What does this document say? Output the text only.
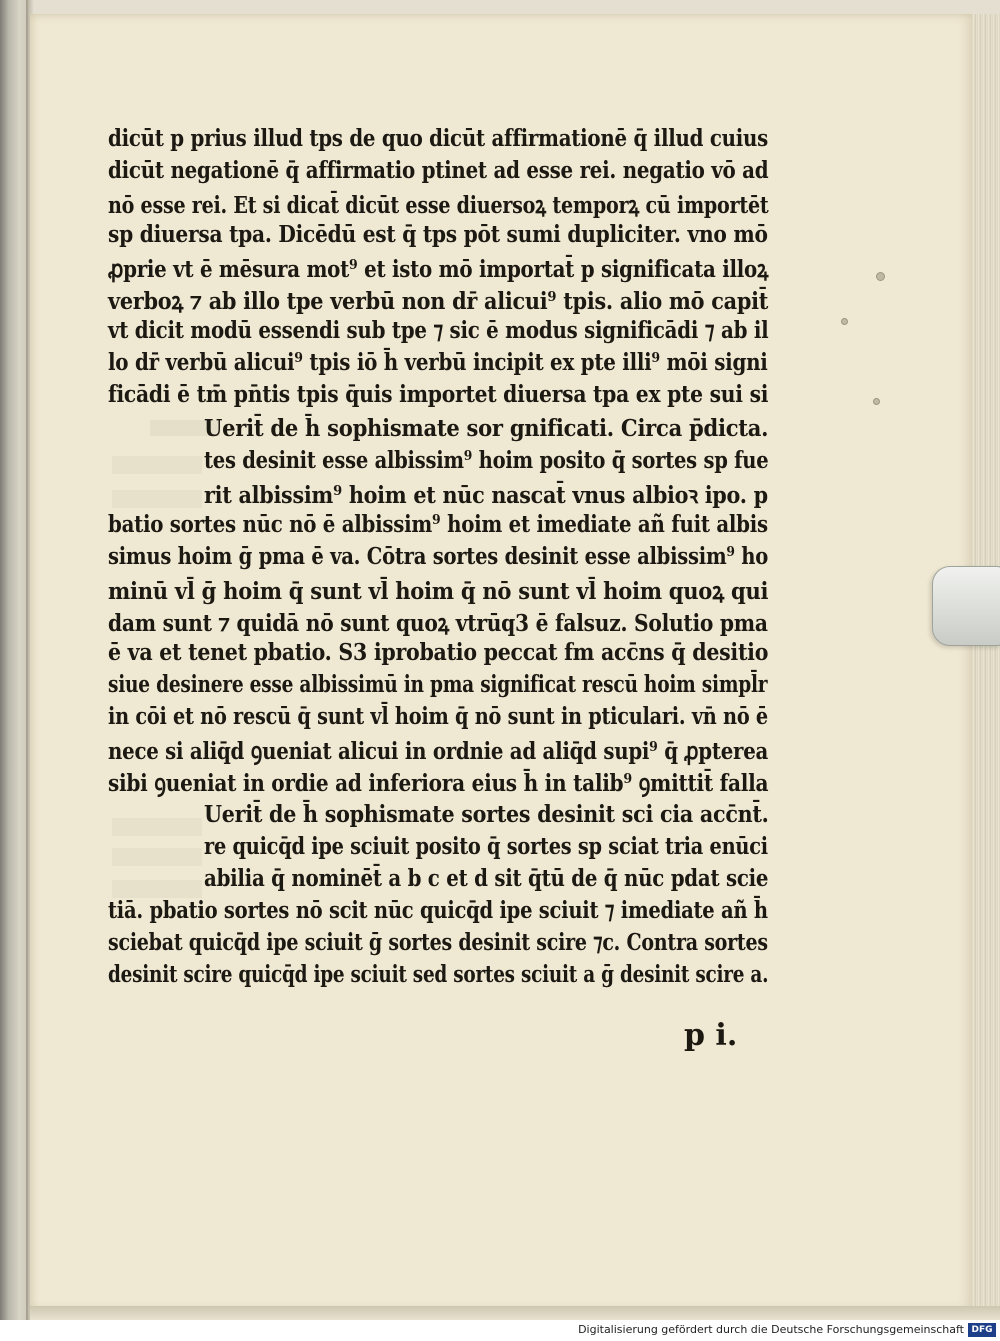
dicūt p prius illud tps de quo dicūt affirmationē q̄ illud cuius
dicūt negationē q̄ affirmatio ptinet ad esse rei. negatio vō ad
nō esse rei. Et si dicat̄ dicūt esse diuersoꝝ temporꝝ cū importēt
sp diuersa tpa. Dicēdū est q̄ tps pōt sumi dupliciter. vno mō
ꝓprie vt ē mēsura mot⁹ et isto mō importat̄ p significata illoꝝ
verboꝝ ⁊ ab illo tpe verbū non dr̄ alicui⁹ tpis. alio mō capit̄
vt dicit modū essendi sub tpe ⁊ sic ē modus significādi ⁊ ab il
lo dr̄ verbū alicui⁹ tpis iō h̄ verbū incipit ex pte illi⁹ mōi signi
ficādi ē tm̄ pn̄tis tpis q̄uis importet diuersa tpa ex pte sui si
Uerit̄ de h̄ sophismate sor gnificati. Circa p̄dicta.
tes desinit esse albissim⁹ hoim posito q̄ sortes sp fue
rit albissim⁹ hoim et nūc nascat̄ vnus albioꝛ ipo. p
batio sortes nūc nō ē albissim⁹ hoim et imediate añ fuit albis
simus hoim ḡ pma ē va. Cōtra sortes desinit esse albissim⁹ ho
minū vl̄ ḡ hoim q̄ sunt vl̄ hoim q̄ nō sunt vl̄ hoim quoꝝ qui
dam sunt ⁊ quidā nō sunt quoꝝ vtrūq3 ē falsuz. Solutio pma
ē va et tenet pbatio. S3 iprobatio peccat fm acc̄ns q̄ desitio
siue desinere esse albissimū in pma significat rescū hoim simpl̄r
in cōi et nō rescū q̄ sunt vl̄ hoim q̄ nō sunt in pticulari. vn̄ nō ē
nece si aliq̄d ꝯueniat alicui in ordnie ad aliq̄d supi⁹ q̄ ꝓpterea
sibi ꝯueniat in ordie ad inferiora eius h̄ in talib⁹ ꝯmittit̄ falla
Uerit̄ de h̄ sophismate sortes desinit sci cia acc̄nt̄.
re quicq̄d ipe sciuit posito q̄ sortes sp sciat tria enūci
abilia q̄ nominēt̄ a b c et d sit q̄tū de q̄ nūc pdat scie
tiā. pbatio sortes nō scit nūc quicq̄d ipe sciuit ⁊ imediate añ h̄
sciebat quicq̄d ipe sciuit ḡ sortes desinit scire ⁊c. Contra sortes
desinit scire quicq̄d ipe sciuit sed sortes sciuit a ḡ desinit scire a.
p i.
Digitalisierung gefördert durch die Deutsche Forschungsgemeinschaft DFG
